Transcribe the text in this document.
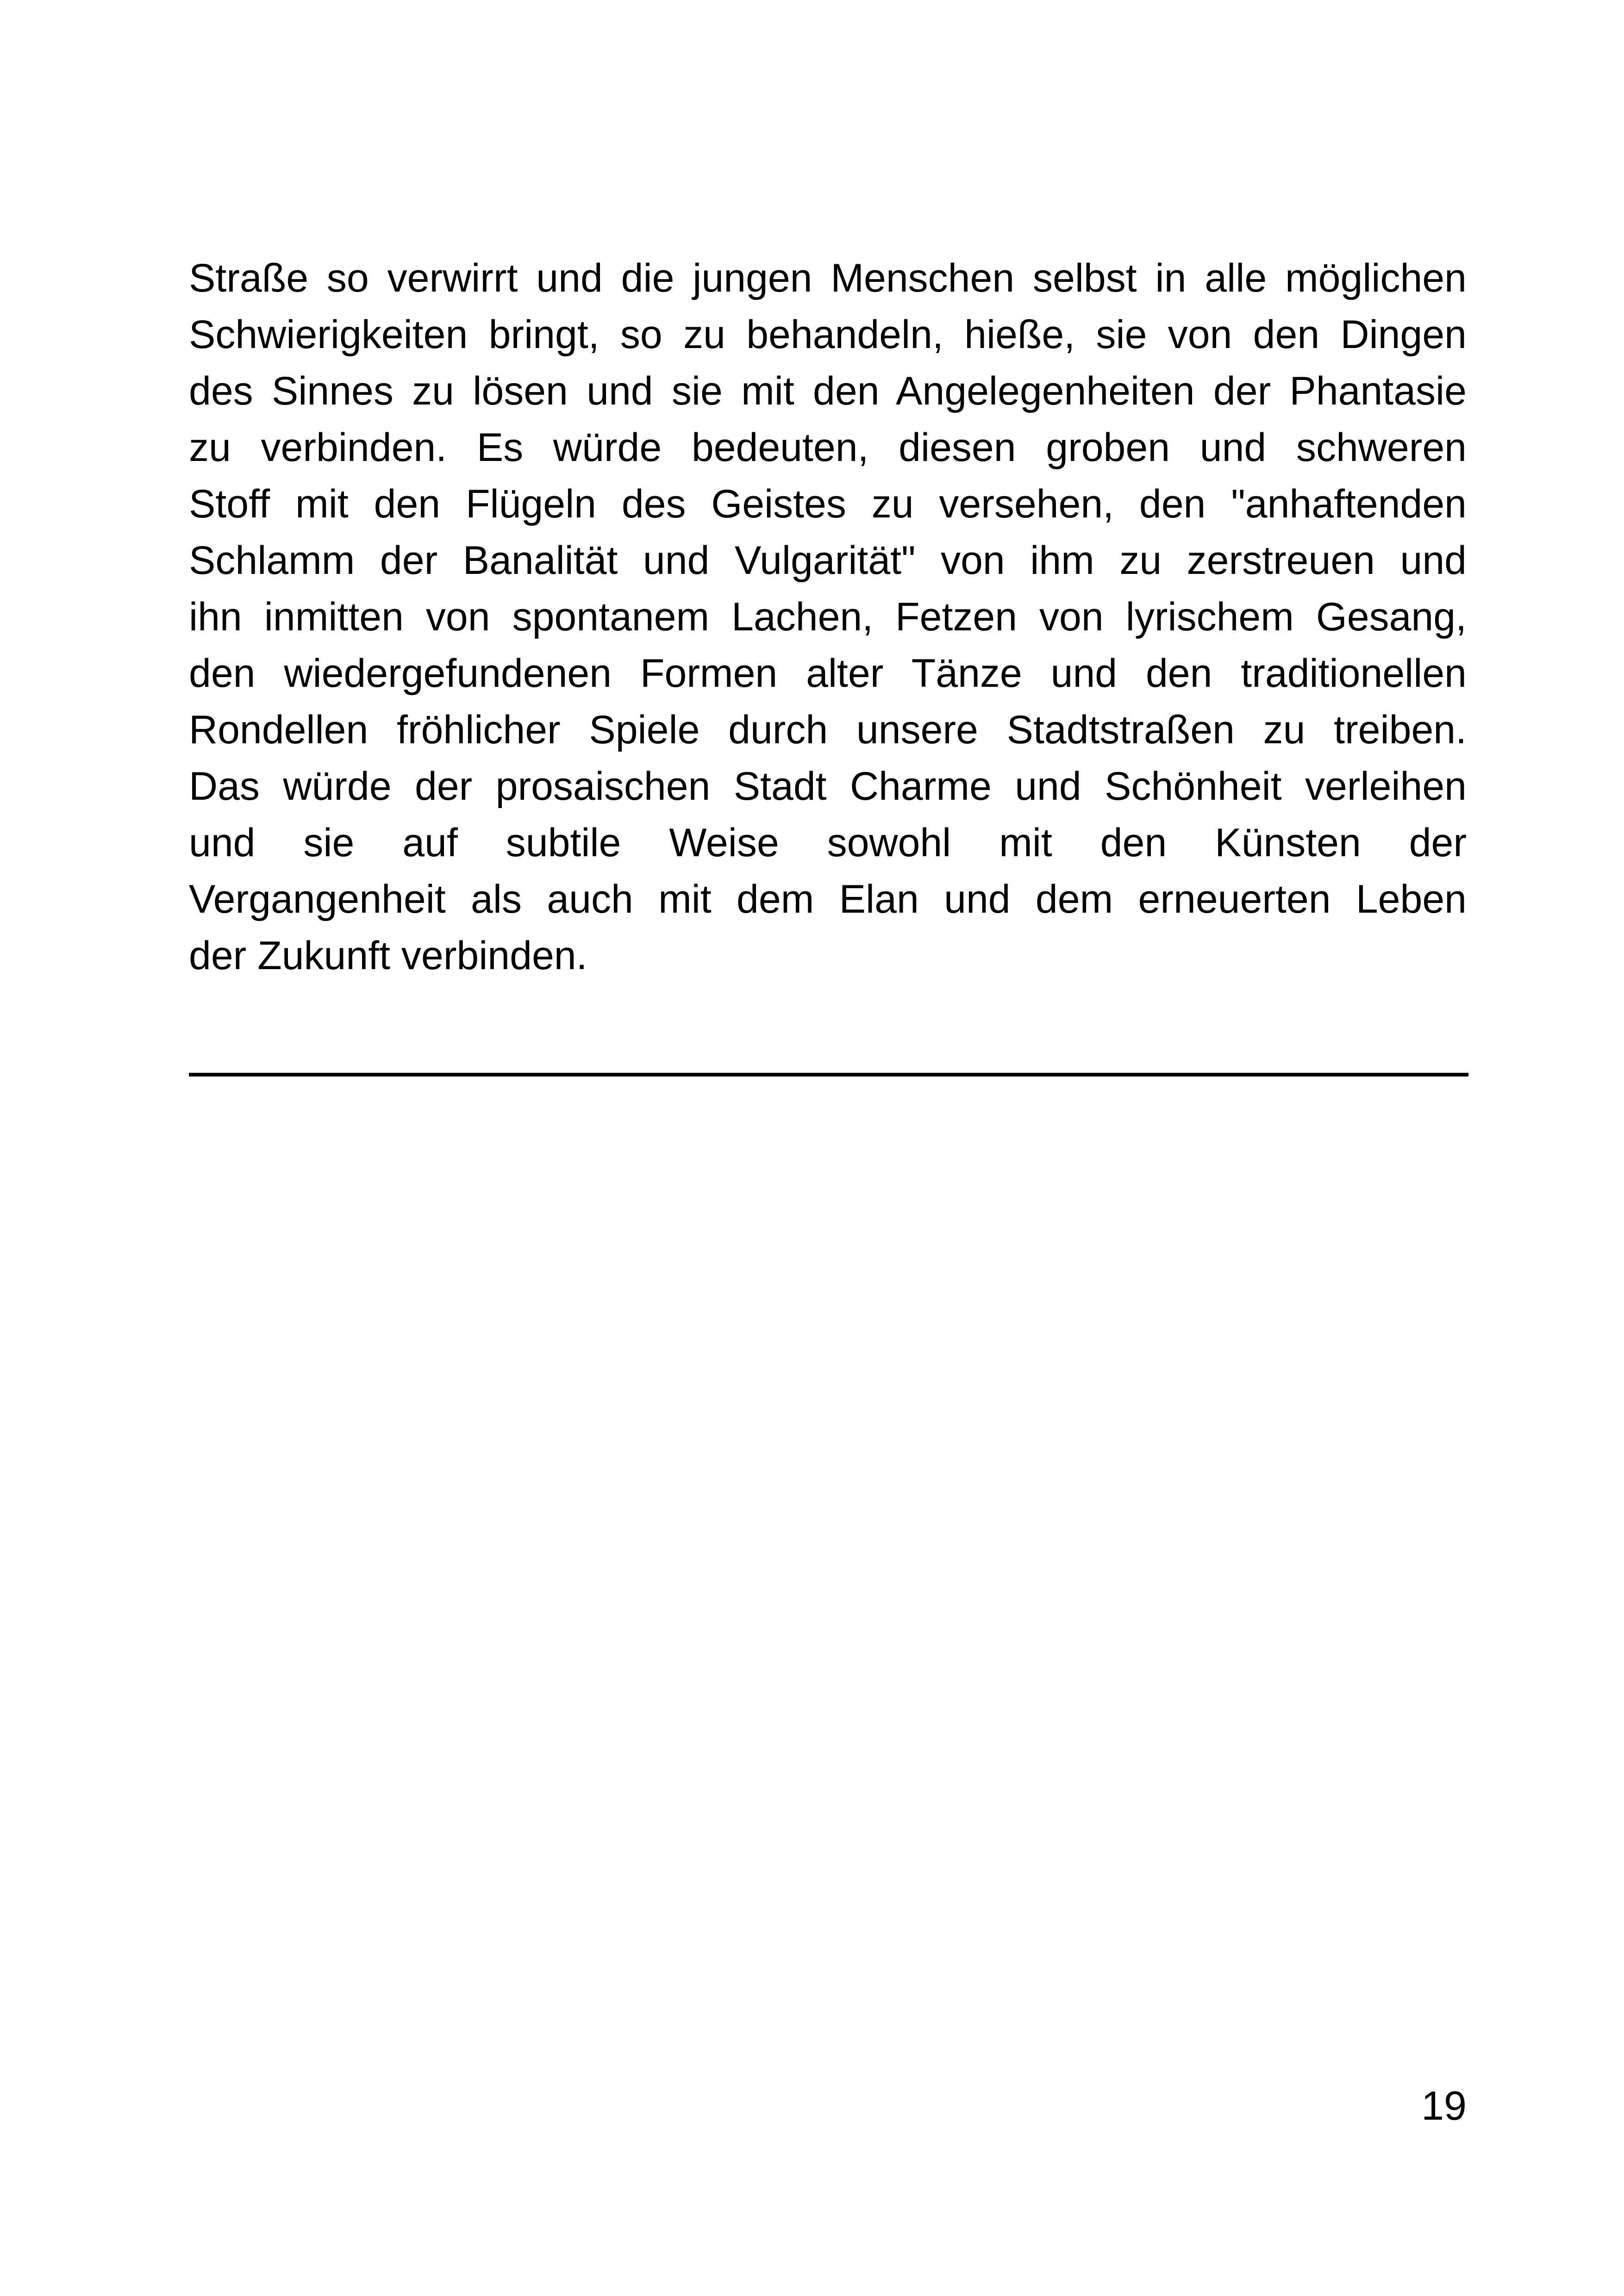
Straße so verwirrt und die jungen Menschen selbst in alle möglichen
Schwierigkeiten bringt, so zu behandeln, hieße, sie von den Dingen
des Sinnes zu lösen und sie mit den Angelegenheiten der Phantasie
zu verbinden. Es würde bedeuten, diesen groben und schweren
Stoff mit den Flügeln des Geistes zu versehen, den "anhaftenden
Schlamm der Banalität und Vulgarität" von ihm zu zerstreuen und
ihn inmitten von spontanem Lachen, Fetzen von lyrischem Gesang,
den wiedergefundenen Formen alter Tänze und den traditionellen
Rondellen fröhlicher Spiele durch unsere Stadtstraßen zu treiben.
Das würde der prosaischen Stadt Charme und Schönheit verleihen
und sie auf subtile Weise sowohl mit den Künsten der
Vergangenheit als auch mit dem Elan und dem erneuerten Leben
der Zukunft verbinden.
19
